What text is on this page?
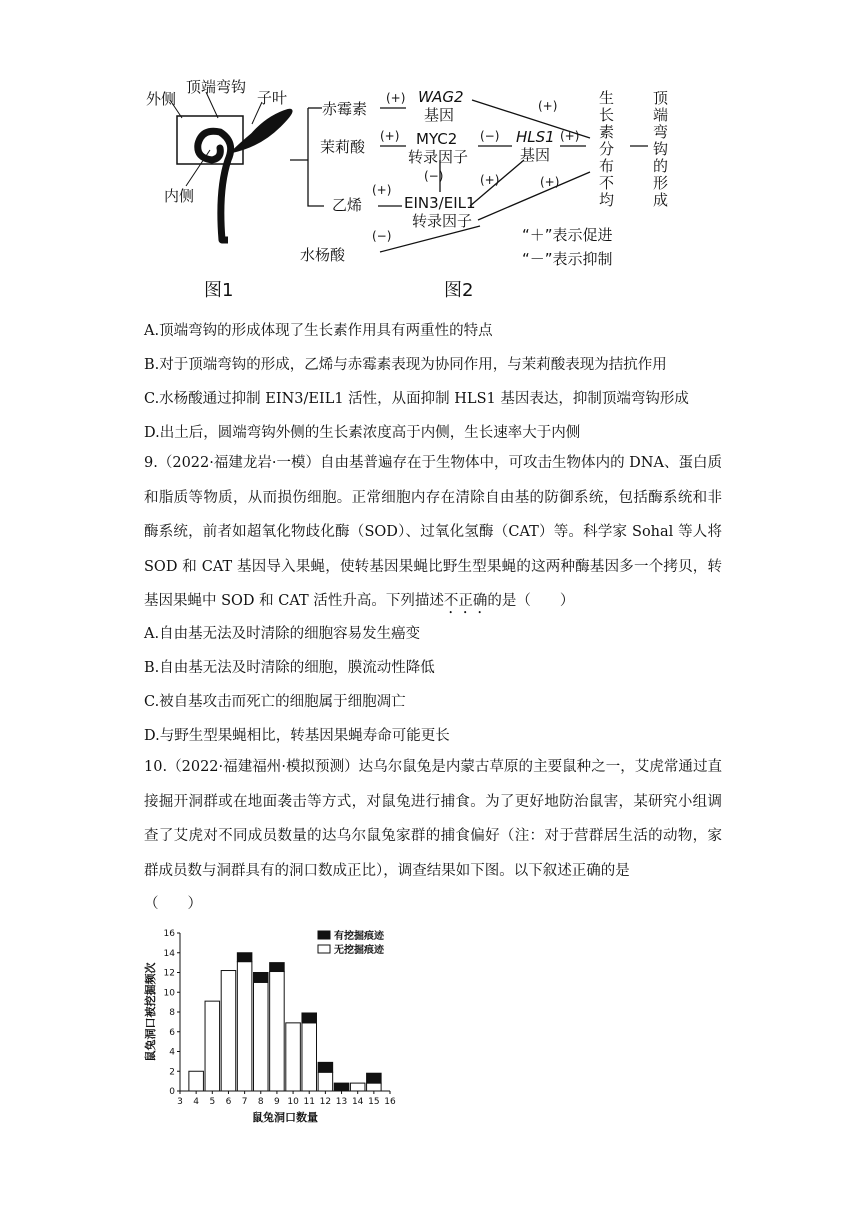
外侧
顶端弯钩
子叶
内侧
图1
赤霉素
(+) WAG2
基因	(+)
茉莉酸
(+) MYC2
转录因子
(−) HLS1
基因
(+)
(−)
乙烯
(+)
EIN3/EIL1
转录因子
(+)	(+)
水杨酸
(−)
生长素分布不均 顶端弯钩的形成
“＋”表示促进
“－”表示抑制
图2
A.顶端弯钩的形成体现了生长素作用具有两重性的特点
B.对于顶端弯钩的形成，乙烯与赤霉素表现为协同作用，与茉莉酸表现为拮抗作用
C.水杨酸通过抑制 EIN3/EIL1 活性，从面抑制 HLS1 基因表达，抑制顶端弯钩形成
D.出土后，圆端弯钩外侧的生长素浓度高于内侧，生长速率大于内侧
9.（2022·福建龙岩·一模）自由基普遍存在于生物体中，可攻击生物体内的 DNA、蛋白质和脂质等物质，从而损伤细胞。正常细胞内存在清除自由基的防御系统，包括酶系统和非酶系统，前者如超氧化物歧化酶（SOD）、过氧化氢酶（CAT）等。科学家 Sohal 等人将 SOD 和 CAT 基因导入果蝇，使转基因果蝇比野生型果蝇的这两种酶基因多一个拷贝，转基因果蝇中 SOD 和 CAT 活性升高。下列描述不正确的是（　　）
A.自由基无法及时清除的细胞容易发生癌变
B.自由基无法及时清除的细胞，膜流动性降低
C.被自基攻击而死亡的细胞属于细胞凋亡
D.与野生型果蝇相比，转基因果蝇寿命可能更长
10.（2022·福建福州·模拟预测）达乌尔鼠兔是内蒙古草原的主要鼠种之一，艾虎常通过直接掘开洞群或在地面袭击等方式，对鼠兔进行捕食。为了更好地防治鼠害，某研究小组调查了艾虎对不同成员数量的达乌尔鼠兔家群的捕食偏好（注：对于营群居生活的动物，家群成员数与洞群具有的洞口数成正比），调查结果如下图。以下叙述正确的是
（　　）
0
2
4
6
8
10
12
14
16
3 4 5 6 7 8 9 10 11 12 13 14 15 16
鼠兔洞口数量
鼠兔洞口被挖掘频次
有挖掘痕迹
无挖掘痕迹
